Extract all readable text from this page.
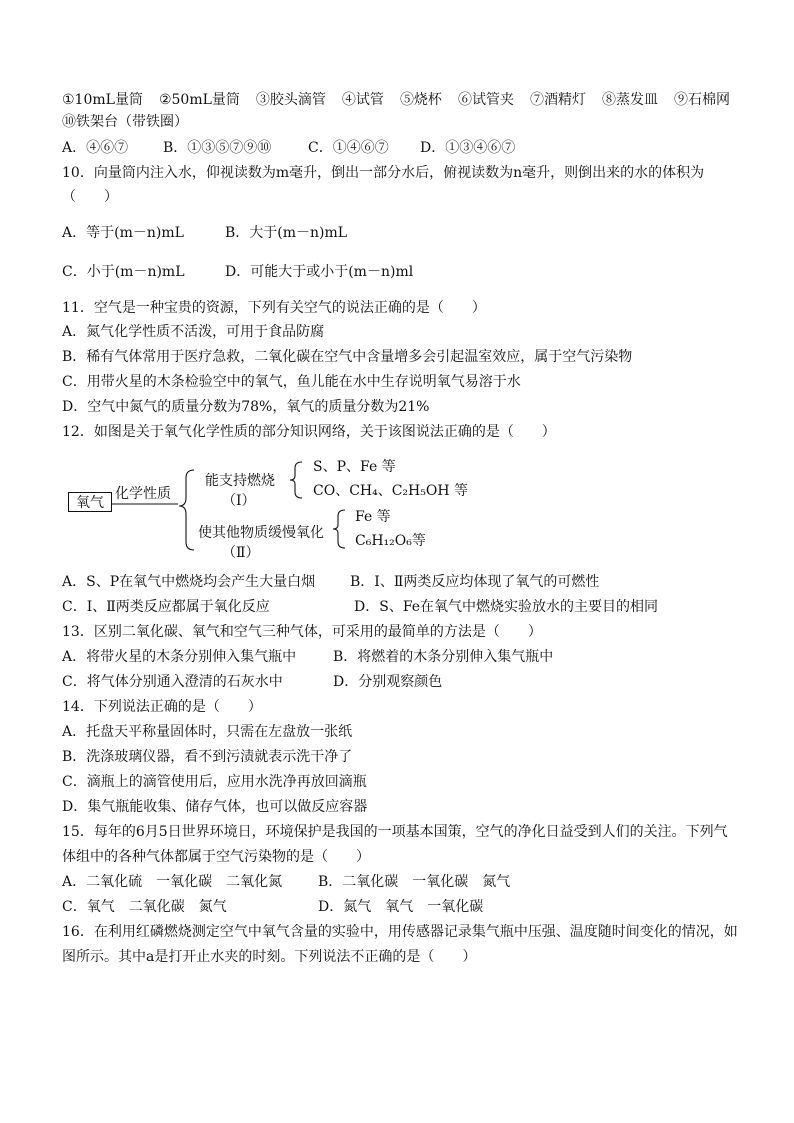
①10mL量筒 ②50mL量筒 ③胶头滴管 ④试管 ⑤烧杯 ⑥试管夹 ⑦酒精灯 ⑧蒸发皿 ⑨石棉网
⑩铁架台（带铁圈）
A．④⑥⑦ B．①③⑤⑦⑨⑩	C．①④⑥⑦ D．①③④⑥⑦
10．向量筒内注入水，仰视读数为m毫升，倒出一部分水后，俯视读数为n毫升，则倒出来的水的体积为
（　　）
A．等于(m－n)mL	B．大于(m－n)mL
C．小于(m－n)mL	D．可能大于或小于(m－n)ml
11．空气是一种宝贵的资源，下列有关空气的说法正确的是（　　）
A．氮气化学性质不活泼，可用于食品防腐
B．稀有气体常用于医疗急救，二氧化碳在空气中含量增多会引起温室效应，属于空气污染物
C．用带火星的木条检验空中的氧气，鱼儿能在水中生存说明氧气易溶于水
D．空气中氮气的质量分数为78%，氧气的质量分数为21%
12．如图是关于氧气化学性质的部分知识网络，关于该图说法正确的是（　　）
氧气
化学性质
能支持燃烧
（Ⅰ）
S、P、Fe 等
CO、CH₄、C₂H₅OH 等
使其他物质缓慢氧化
（Ⅱ）
Fe 等
C₆H₁₂O₆等
A．S、P在氧气中燃烧均会产生大量白烟 B．Ⅰ、Ⅱ两类反应均体现了氧气的可燃性
C．Ⅰ、Ⅱ两类反应都属于氧化反应	D．S、Fe在氧气中燃烧实验放水的主要目的相同
13．区别二氧化碳、氧气和空气三种气体，可采用的最简单的方法是（　　）
A．将带火星的木条分别伸入集气瓶中	B．将燃着的木条分别伸入集气瓶中
C．将气体分别通入澄清的石灰水中	D．分别观察颜色
14．下列说法正确的是（　　）
A．托盘天平称量固体时，只需在左盘放一张纸
B．洗涤玻璃仪器，看不到污渍就表示洗干净了
C．滴瓶上的滴管使用后，应用水洗净再放回滴瓶
D．集气瓶能收集、储存气体，也可以做反应容器
15．每年的6月5日世界环境日，环境保护是我国的一项基本国策，空气的净化日益受到人们的关注。下列气
体组中的各种气体都属于空气污染物的是（　　）
A．二氧化硫　一氧化碳　二氧化氮	B．二氧化碳　一氧化碳　氮气
C．氧气　二氧化碳　氮气	D．氮气　氧气　一氧化碳
16．在利用红磷燃烧测定空气中氧气含量的实验中，用传感器记录集气瓶中压强、温度随时间变化的情况，如
图所示。其中a是打开止水夹的时刻。下列说法不正确的是（　　）
